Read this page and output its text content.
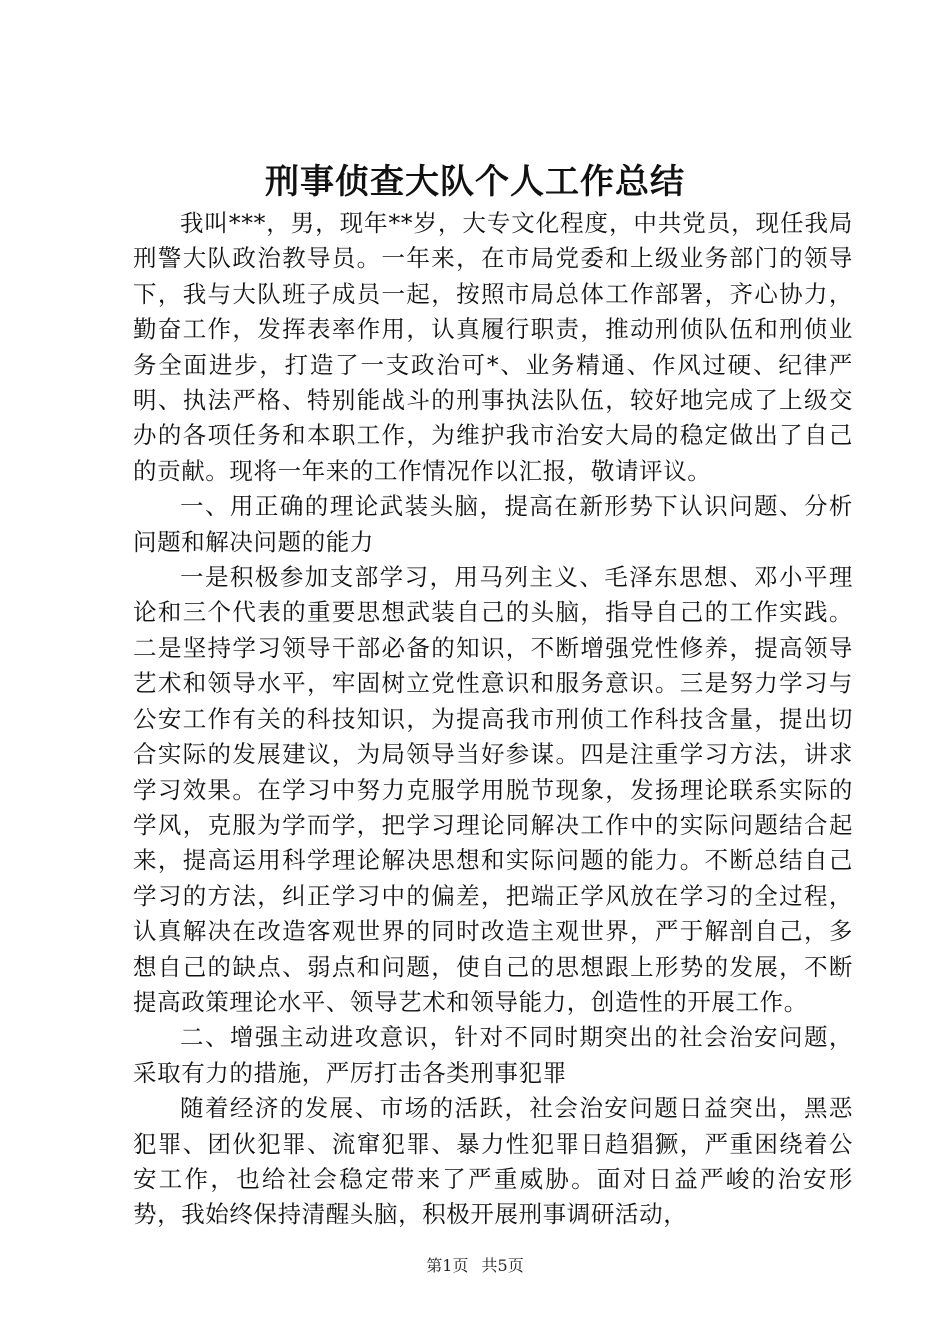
刑事侦查大队个人工作总结

我叫***，男，现年**岁，大专文化程度，中共党员，现任我局刑警大队政治教导员。一年来，在市局党委和上级业务部门的领导下，我与大队班子成员一起，按照市局总体工作部署，齐心协力，勤奋工作，发挥表率作用，认真履行职责，推动刑侦队伍和刑侦业务全面进步，打造了一支政治可*、业务精通、作风过硬、纪律严明、执法严格、特别能战斗的刑事执法队伍，较好地完成了上级交办的各项任务和本职工作，为维护我市治安大局的稳定做出了自己的贡献。现将一年来的工作情况作以汇报，敬请评议。

一、用正确的理论武装头脑，提高在新形势下认识问题、分析问题和解决问题的能力

一是积极参加支部学习，用马列主义、毛泽东思想、邓小平理论和三个代表的重要思想武装自己的头脑，指导自己的工作实践。二是坚持学习领导干部必备的知识，不断增强党性修养，提高领导艺术和领导水平，牢固树立党性意识和服务意识。三是努力学习与公安工作有关的科技知识，为提高我市刑侦工作科技含量，提出切合实际的发展建议，为局领导当好参谋。四是注重学习方法，讲求学习效果。在学习中努力克服学用脱节现象，发扬理论联系实际的学风，克服为学而学，把学习理论同解决工作中的实际问题结合起来，提高运用科学理论解决思想和实际问题的能力。不断总结自己学习的方法，纠正学习中的偏差，把端正学风放在学习的全过程，认真解决在改造客观世界的同时改造主观世界，严于解剖自己，多想自己的缺点、弱点和问题，使自己的思想跟上形势的发展，不断提高政策理论水平、领导艺术和领导能力，创造性的开展工作。

二、增强主动进攻意识，针对不同时期突出的社会治安问题，采取有力的措施，严厉打击各类刑事犯罪

随着经济的发展、市场的活跃，社会治安问题日益突出，黑恶犯罪、团伙犯罪、流窜犯罪、暴力性犯罪日趋猖獗，严重困绕着公安工作，也给社会稳定带来了严重威胁。面对日益严峻的治安形势，我始终保持清醒头脑，积极开展刑事调研活动，

第1页 共5页
